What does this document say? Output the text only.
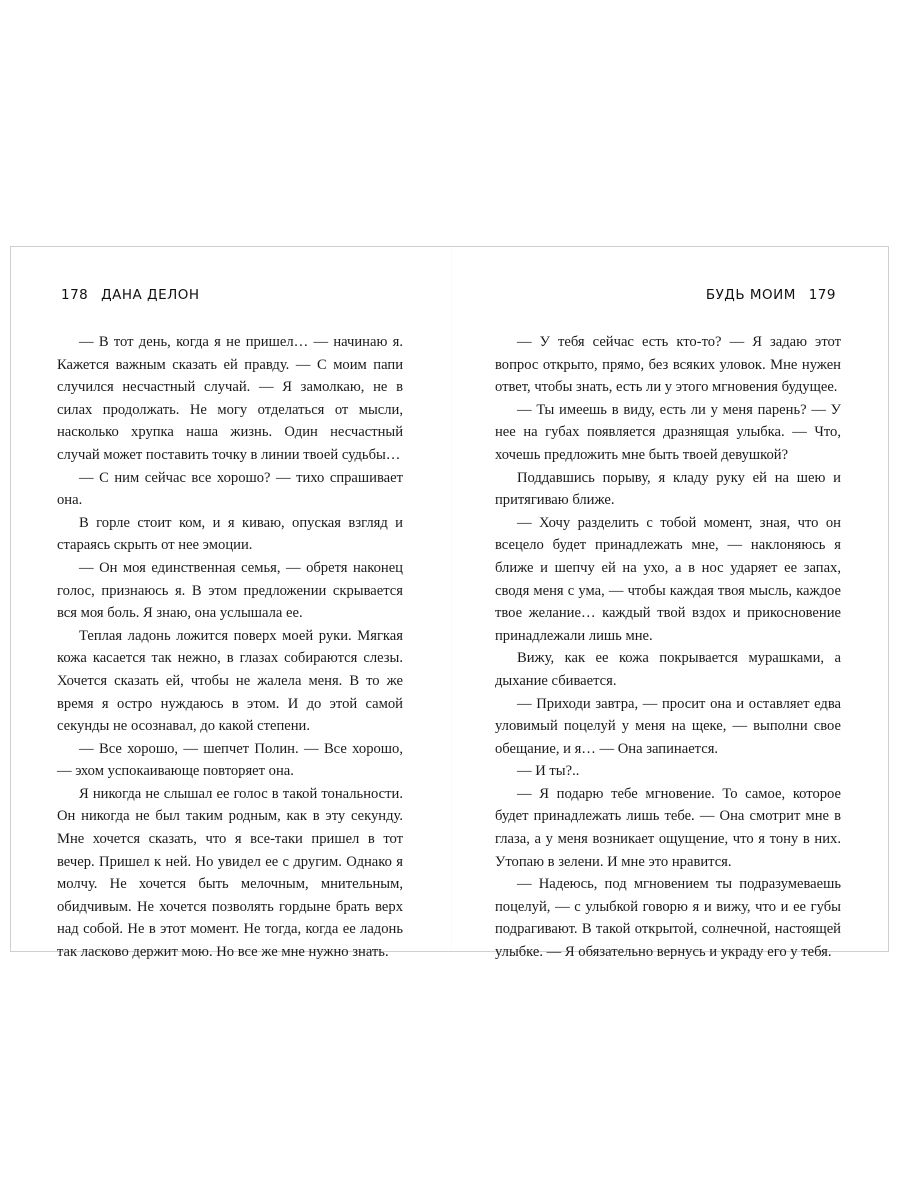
178 ДАНА ДЕЛОН

— В тот день, когда я не пришел… — начинаю я. Кажется важным сказать ей правду. — С моим папи случился несчастный случай. — Я замолкаю, не в силах продолжать. Не могу отделаться от мысли, насколько хрупка наша жизнь. Один несчастный случай может поставить точку в линии твоей судьбы…

— С ним сейчас все хорошо? — тихо спрашивает она.

В горле стоит ком, и я киваю, опуская взгляд и стараясь скрыть от нее эмоции.

— Он моя единственная семья, — обретя наконец голос, признаюсь я. В этом предложении скрывается вся моя боль. Я знаю, она услышала ее.

Теплая ладонь ложится поверх моей руки. Мягкая кожа касается так нежно, в глазах собираются слезы. Хочется сказать ей, чтобы не жалела меня. В то же время я остро нуждаюсь в этом. И до этой самой секунды не осознавал, до какой степени.

— Все хорошо, — шепчет Полин. — Все хорошо, — эхом успокаивающе повторяет она.

Я никогда не слышал ее голос в такой тональности. Он никогда не был таким родным, как в эту секунду. Мне хочется сказать, что я все-таки пришел в тот вечер. Пришел к ней. Но увидел ее с другим. Однако я молчу. Не хочется быть мелочным, мнительным, обидчивым. Не хочется позволять гордыне брать верх над собой. Не в этот момент. Не тогда, когда ее ладонь так ласково держит мою. Но все же мне нужно знать.

БУДЬ МОИМ 179

— У тебя сейчас есть кто-то? — Я задаю этот вопрос открыто, прямо, без всяких уловок. Мне нужен ответ, чтобы знать, есть ли у этого мгновения будущее.

— Ты имеешь в виду, есть ли у меня парень? — У нее на губах появляется дразнящая улыбка. — Что, хочешь предложить мне быть твоей девушкой?

Поддавшись порыву, я кладу руку ей на шею и притягиваю ближе.

— Хочу разделить с тобой момент, зная, что он всецело будет принадлежать мне, — наклоняюсь я ближе и шепчу ей на ухо, а в нос ударяет ее запах, сводя меня с ума, — чтобы каждая твоя мысль, каждое твое желание… каждый твой вздох и прикосновение принадлежали лишь мне.

Вижу, как ее кожа покрывается мурашками, а дыхание сбивается.

— Приходи завтра, — просит она и оставляет едва уловимый поцелуй у меня на щеке, — выполни свое обещание, и я… — Она запинается.

— И ты?..

— Я подарю тебе мгновение. То самое, которое будет принадлежать лишь тебе. — Она смотрит мне в глаза, а у меня возникает ощущение, что я тону в них. Утопаю в зелени. И мне это нравится.

— Надеюсь, под мгновением ты подразумеваешь поцелуй, — с улыбкой говорю я и вижу, что и ее губы подрагивают. В такой открытой, солнечной, настоящей улыбке. — Я обязательно вернусь и украду его у тебя.
